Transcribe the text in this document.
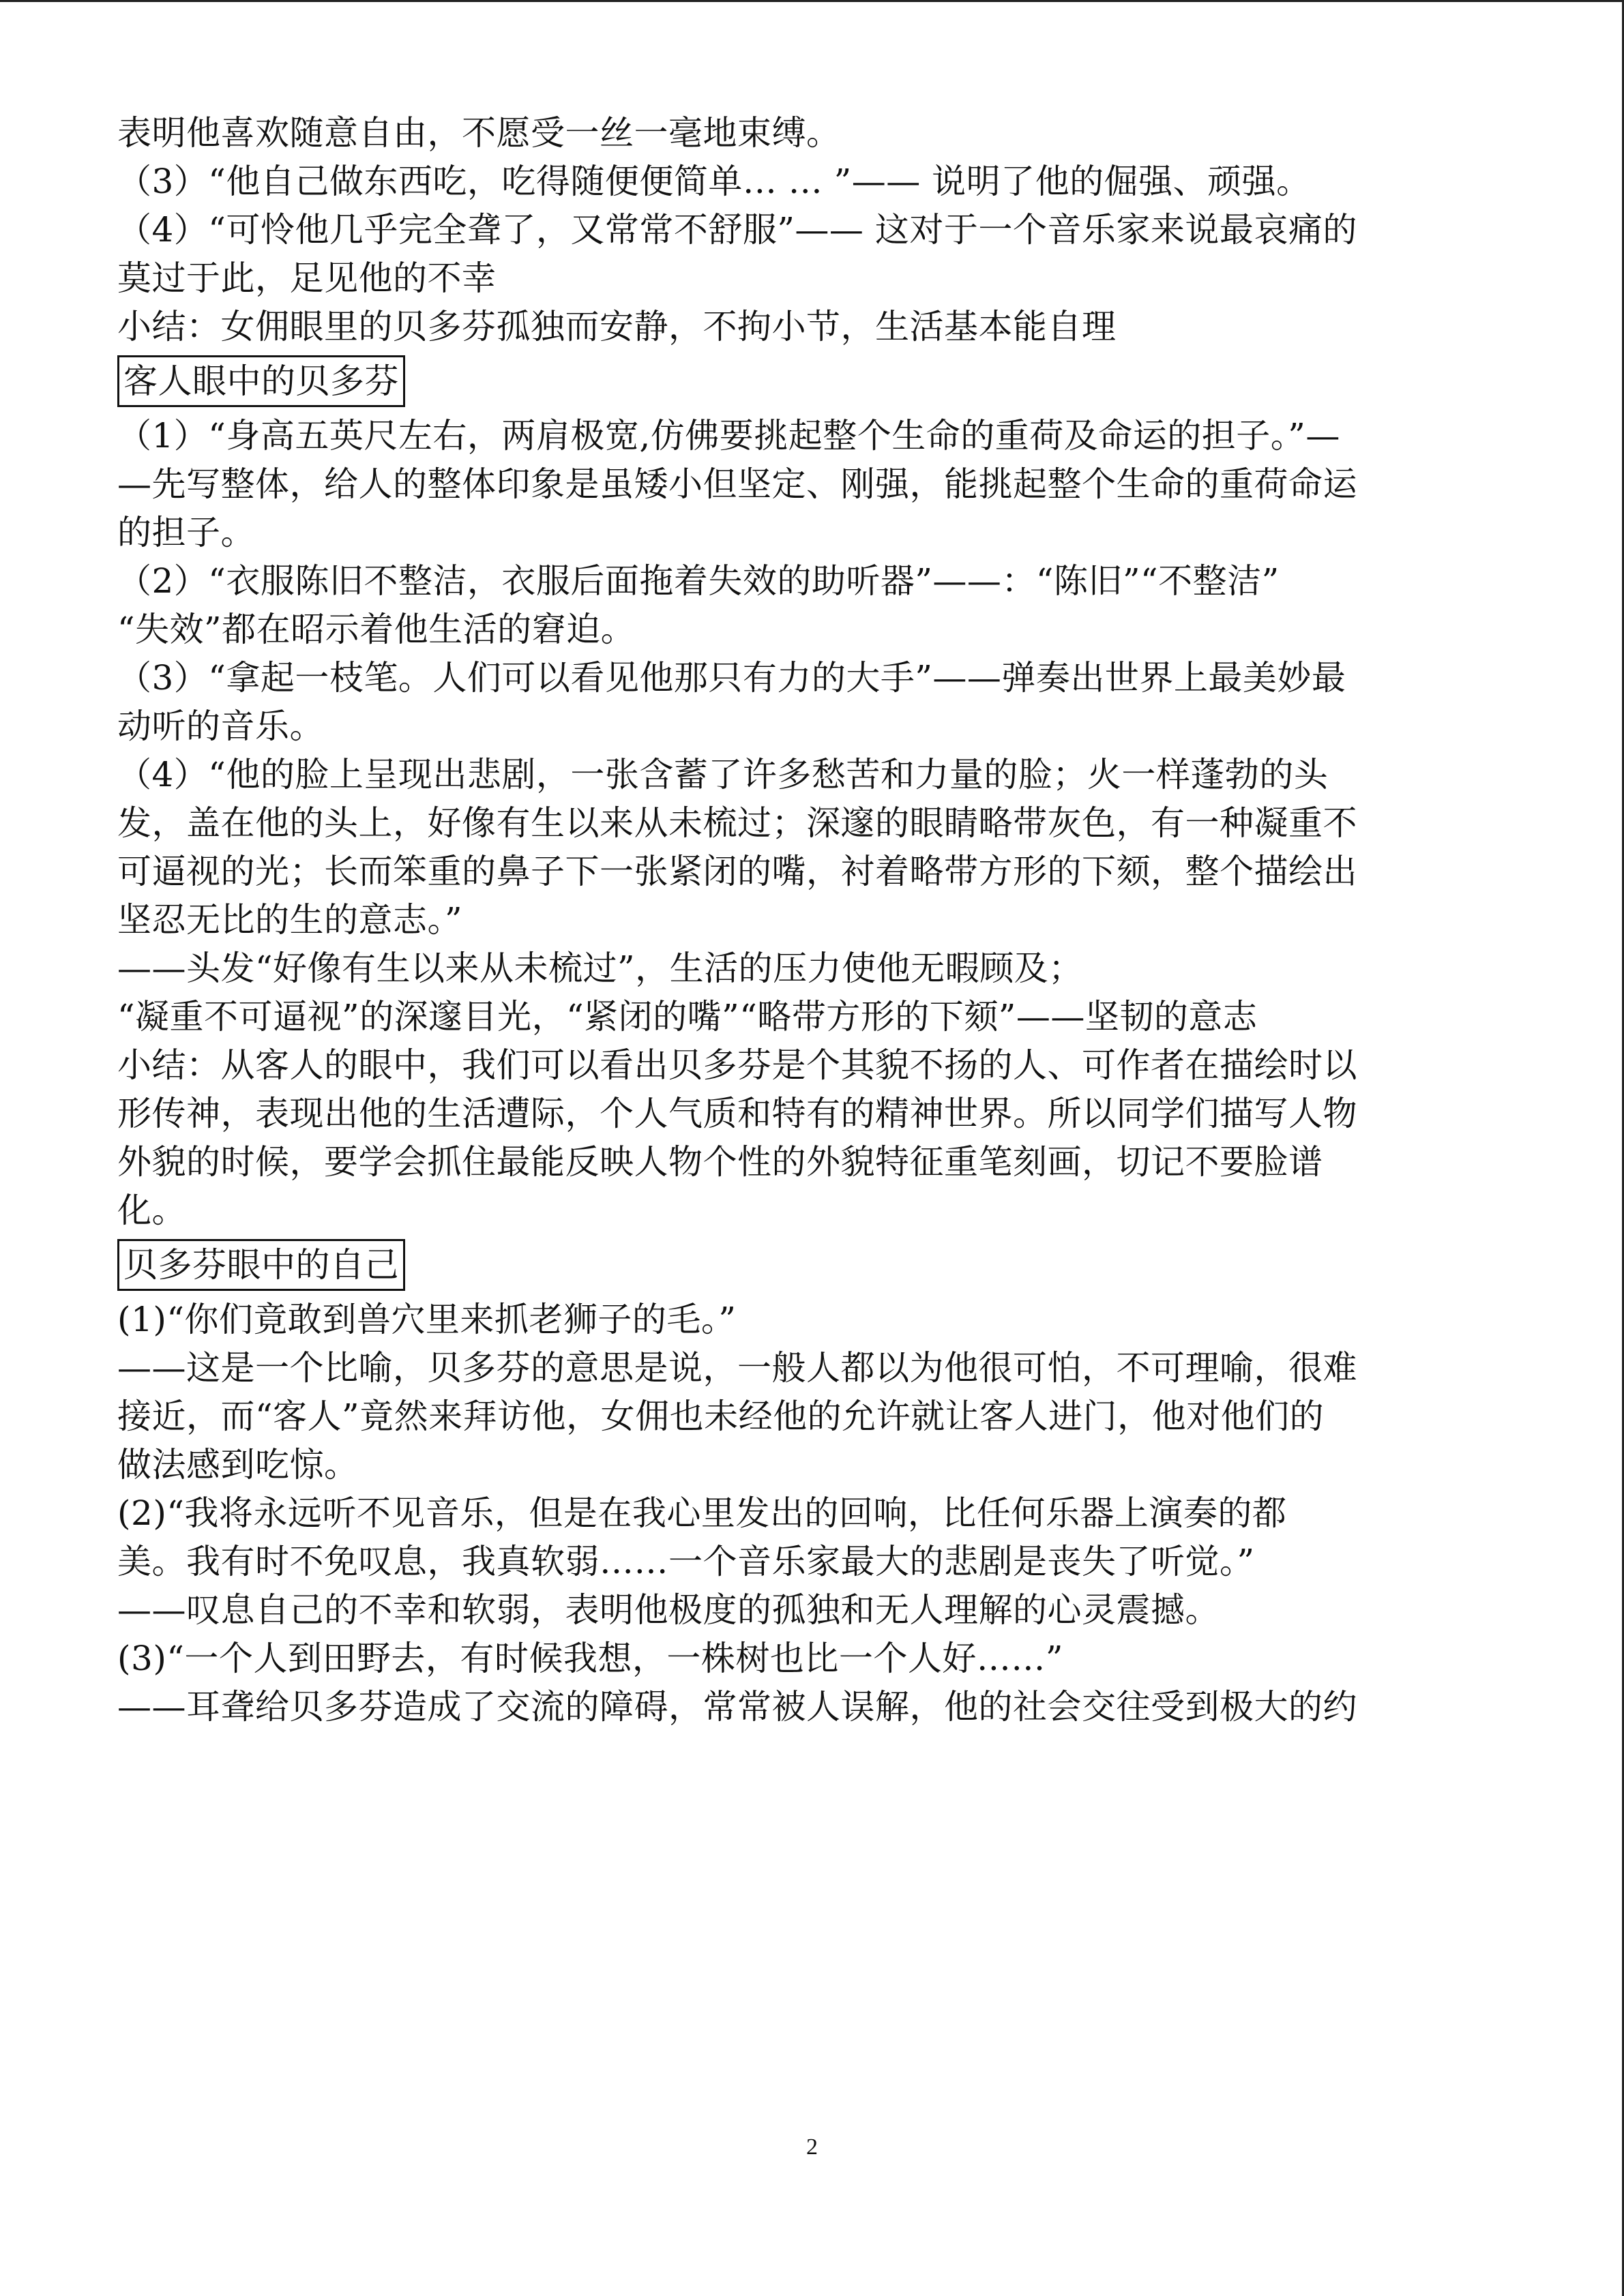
表明他喜欢随意自由，不愿受一丝一毫地束缚。
（3）“他自己做东西吃，吃得随便便简单… … ”—— 说明了他的倔强、顽强。
（4）“可怜他几乎完全聋了，又常常不舒服”—— 这对于一个音乐家来说最哀痛的
莫过于此，足见他的不幸
小结：女佣眼里的贝多芬孤独而安静，不拘小节，生活基本能自理
客人眼中的贝多芬
（1）“身高五英尺左右，两肩极宽,仿佛要挑起整个生命的重荷及命运的担子。”—
—先写整体，给人的整体印象是虽矮小但坚定、刚强，能挑起整个生命的重荷命运
的担子。
（2）“衣服陈旧不整洁，衣服后面拖着失效的助听器”——：“陈旧”“不整洁”
“失效”都在昭示着他生活的窘迫。
（3）“拿起一枝笔。人们可以看见他那只有力的大手”——弹奏出世界上最美妙最
动听的音乐。
（4）“他的脸上呈现出悲剧，一张含蓄了许多愁苦和力量的脸；火一样蓬勃的头
发，盖在他的头上，好像有生以来从未梳过；深邃的眼睛略带灰色，有一种凝重不
可逼视的光；长而笨重的鼻子下一张紧闭的嘴，衬着略带方形的下颏，整个描绘出
坚忍无比的生的意志。”
——头发“好像有生以来从未梳过”，生活的压力使他无暇顾及；
“凝重不可逼视”的深邃目光，“紧闭的嘴”“略带方形的下颏”——坚韧的意志
小结：从客人的眼中，我们可以看出贝多芬是个其貌不扬的人、可作者在描绘时以
形传神，表现出他的生活遭际，个人气质和特有的精神世界。所以同学们描写人物
外貌的时候，要学会抓住最能反映人物个性的外貌特征重笔刻画，切记不要脸谱
化。
贝多芬眼中的自己
(1)“你们竟敢到兽穴里来抓老狮子的毛。”
——这是一个比喻，贝多芬的意思是说，一般人都以为他很可怕，不可理喻，很难
接近，而“客人”竟然来拜访他，女佣也未经他的允许就让客人进门，他对他们的
做法感到吃惊。
(2)“我将永远听不见音乐，但是在我心里发出的回响，比任何乐器上演奏的都
美。我有时不免叹息，我真软弱……一个音乐家最大的悲剧是丧失了听觉。”
——叹息自己的不幸和软弱，表明他极度的孤独和无人理解的心灵震撼。
(3)“一个人到田野去，有时候我想，一株树也比一个人好……”
——耳聋给贝多芬造成了交流的障碍，常常被人误解，他的社会交往受到极大的约
2
